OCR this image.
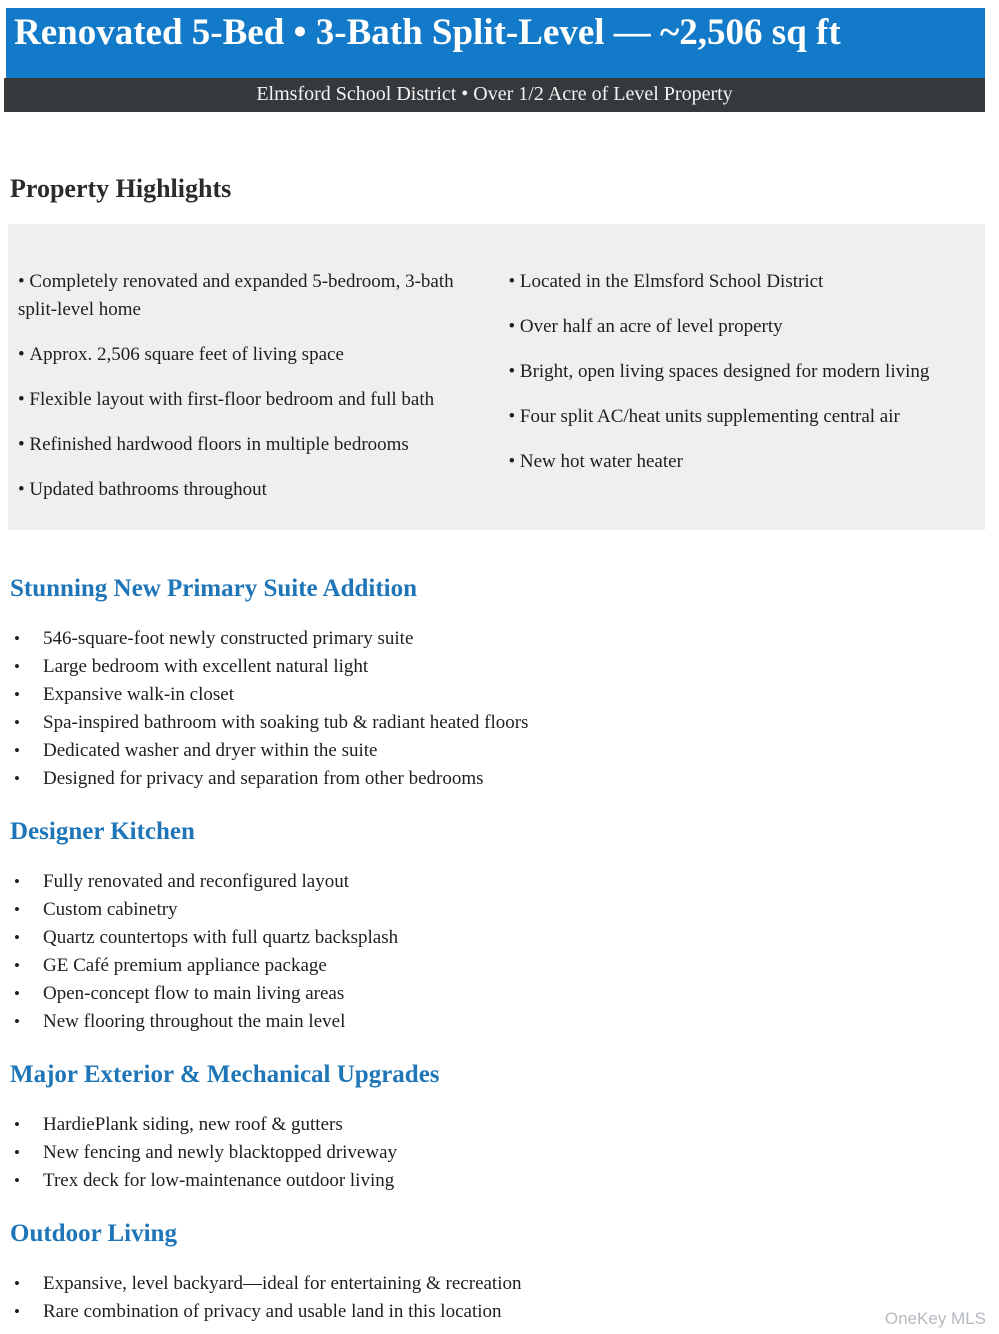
Renovated 5-Bed • 3-Bath Split-Level — ~2,506 sq ft
Elmsford School District • Over 1/2 Acre of Level Property
Property Highlights

• Completely renovated and expanded 5-bedroom, 3-bath split-level home

• Approx. 2,506 square feet of living space

• Flexible layout with first-floor bedroom and full bath

• Refinished hardwood floors in multiple bedrooms

• Updated bathrooms throughout

• Located in the Elmsford School District

• Over half an acre of level property

• Bright, open living spaces designed for modern living

• Four split AC/heat units supplementing central air

• New hot water heater

Stunning New Primary Suite Addition
• 546-square-foot newly constructed primary suite
• Large bedroom with excellent natural light
• Expansive walk-in closet
• Spa-inspired bathroom with soaking tub & radiant heated floors
• Dedicated washer and dryer within the suite
• Designed for privacy and separation from other bedrooms
Designer Kitchen
• Fully renovated and reconfigured layout
• Custom cabinetry
• Quartz countertops with full quartz backsplash
• GE Café premium appliance package
• Open-concept flow to main living areas
• New flooring throughout the main level
Major Exterior & Mechanical Upgrades
• HardiePlank siding, new roof & gutters
• New fencing and newly blacktopped driveway
• Trex deck for low-maintenance outdoor living
Outdoor Living
• Expansive, level backyard—ideal for entertaining & recreation
• Rare combination of privacy and usable land in this location	OneKey MLS
